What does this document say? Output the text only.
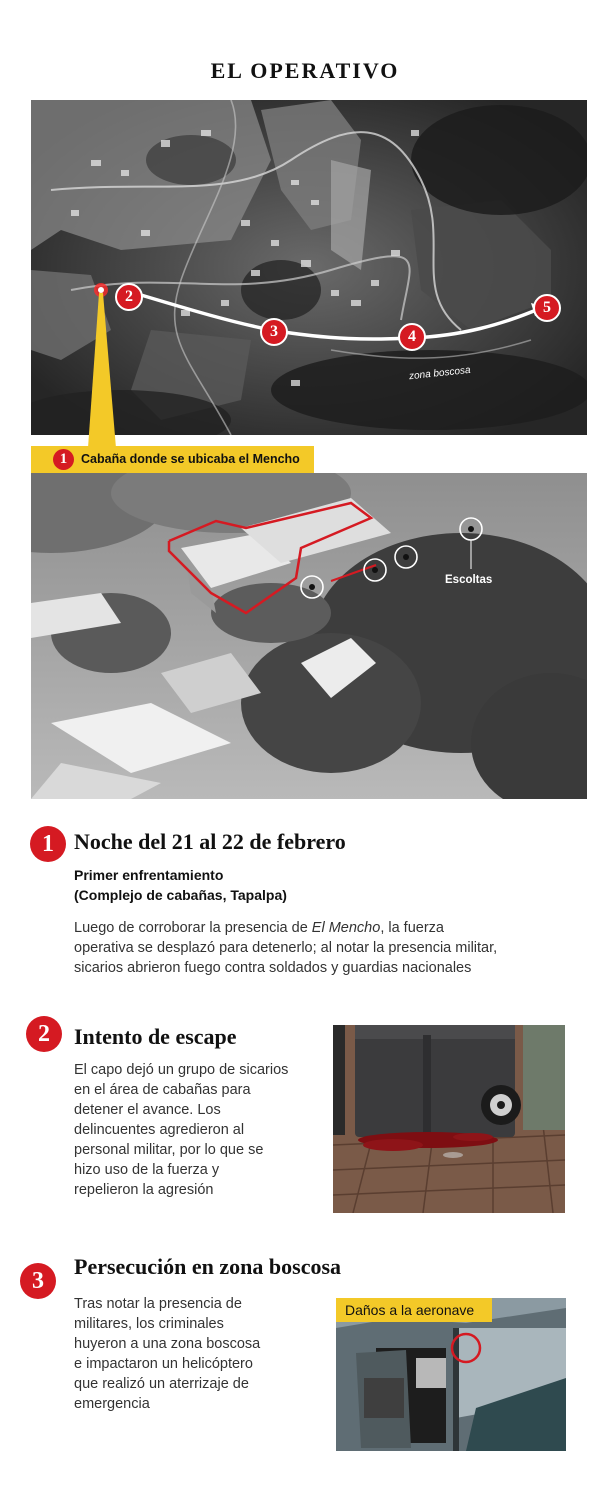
EL OPERATIVO
2
3	4
5
zona boscosa
Escoltas
1	Cabaña donde se ubicaba el Mencho
1 Noche del 21 al 22 de febrero
Primer enfrentamiento
(Complejo de cabañas, Tapalpa)
Luego de corroborar la presencia de El Mencho, la fuerza
operativa se desplazó para detenerlo; al notar la presencia militar,
sicarios abrieron fuego contra soldados y guardias nacionales
2	Intento de escape
El capo dejó un grupo de sicarios
en el área de cabañas para
detener el avance. Los
delincuentes agredieron al
personal militar, por lo que se
hizo uso de la fuerza y
repelieron la agresión
3
Persecución en zona boscosa
Tras notar la presencia de
militares, los criminales
huyeron a una zona boscosa
e impactaron un helicóptero
que realizó un aterrizaje de
emergencia
Daños a la aeronave
